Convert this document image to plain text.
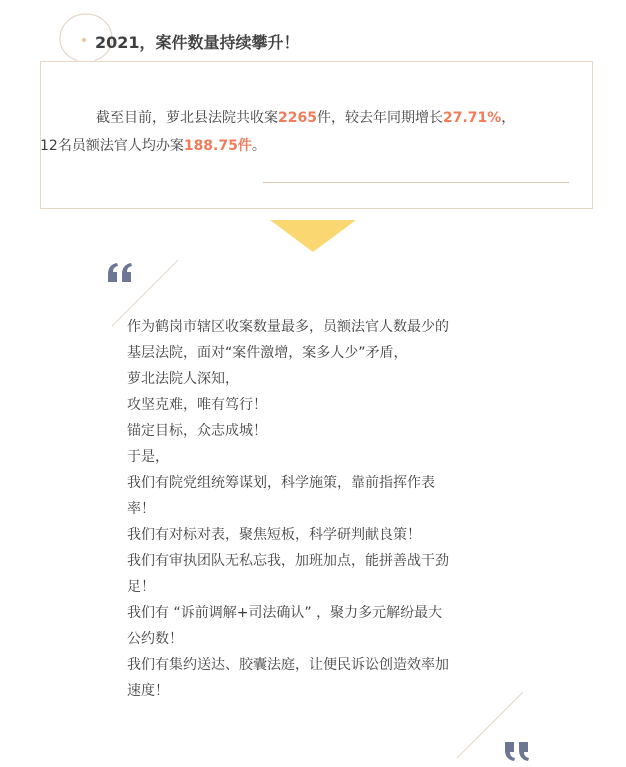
2021，案件数量持续攀升！
截至目前，萝北县法院共收案2265件，较去年同期增长27.71%，
12名员额法官人均办案188.75件。

作为鹤岗市辖区收案数量最多，员额法官人数最少的

基层法院，面对“案件激增，案多人少”矛盾，

萝北法院人深知，

攻坚克难，唯有笃行！

锚定目标，众志成城！

于是，

我们有院党组统筹谋划，科学施策，靠前指挥作表

率！

我们有对标对表，聚焦短板，科学研判献良策！

我们有审执团队无私忘我，加班加点，能拼善战干劲

足！

我们有 “诉前调解+司法确认” ，聚力多元解纷最大

公约数！

我们有集约送达、胶囊法庭，让便民诉讼创造效率加

速度！
